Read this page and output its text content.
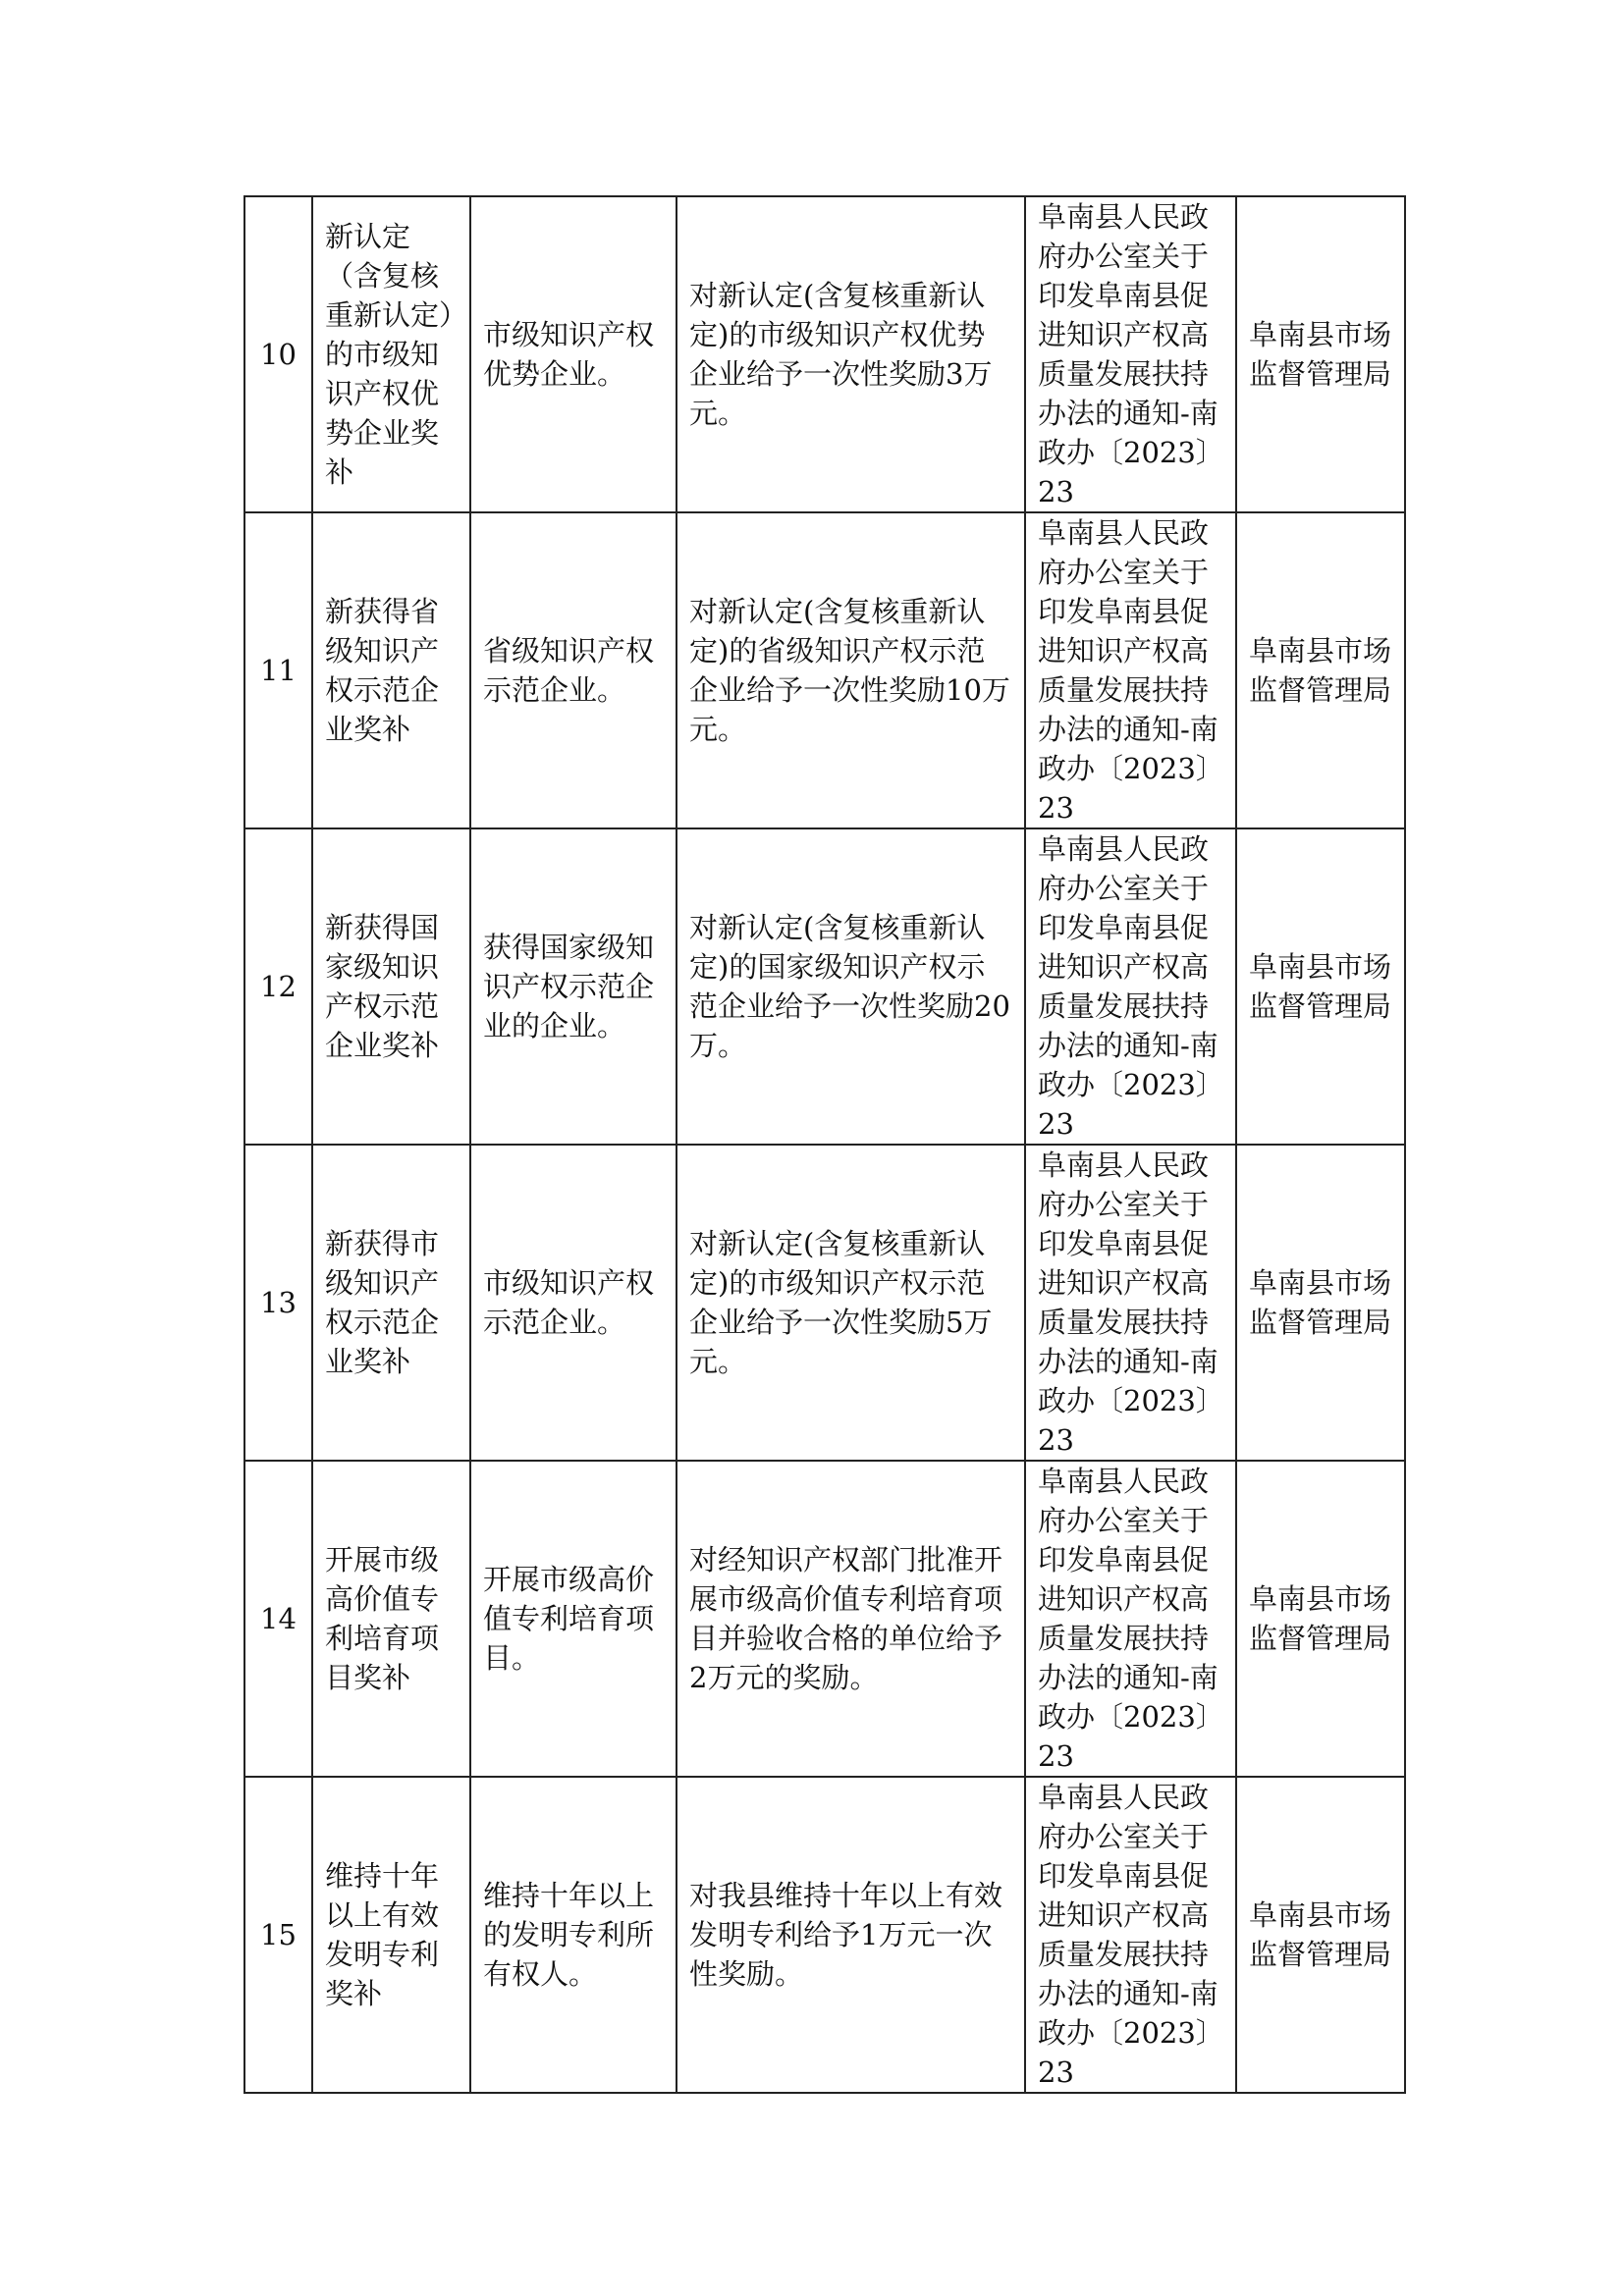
10	新认定（含复核重新认定）的市级知识产权优势企业奖补	市级知识产权优势企业。	对新认定(含复核重新认定)的市级知识产权优势企业给予一次性奖励3万元。	阜南县人民政府办公室关于印发阜南县促进知识产权高质量发展扶持办法的通知-南政办〔2023〕23	阜南县市场监督管理局
11	新获得省级知识产权示范企业奖补	省级知识产权示范企业。	对新认定(含复核重新认定)的省级知识产权示范企业给予一次性奖励10万元。	阜南县人民政府办公室关于印发阜南县促进知识产权高质量发展扶持办法的通知-南政办〔2023〕23	阜南县市场监督管理局
12	新获得国家级知识产权示范企业奖补	获得国家级知识产权示范企业的企业。	对新认定(含复核重新认定)的国家级知识产权示范企业给予一次性奖励20万。	阜南县人民政府办公室关于印发阜南县促进知识产权高质量发展扶持办法的通知-南政办〔2023〕23	阜南县市场监督管理局
13	新获得市级知识产权示范企业奖补	市级知识产权示范企业。	对新认定(含复核重新认定)的市级知识产权示范企业给予一次性奖励5万元。	阜南县人民政府办公室关于印发阜南县促进知识产权高质量发展扶持办法的通知-南政办〔2023〕23	阜南县市场监督管理局
14	开展市级高价值专利培育项目奖补	开展市级高价值专利培育项目。	对经知识产权部门批准开展市级高价值专利培育项目并验收合格的单位给予2万元的奖励。	阜南县人民政府办公室关于印发阜南县促进知识产权高质量发展扶持办法的通知-南政办〔2023〕23	阜南县市场监督管理局
15	维持十年以上有效发明专利奖补	维持十年以上的发明专利所有权人。	对我县维持十年以上有效发明专利给予1万元一次性奖励。	阜南县人民政府办公室关于印发阜南县促进知识产权高质量发展扶持办法的通知-南政办〔2023〕23	阜南县市场监督管理局
